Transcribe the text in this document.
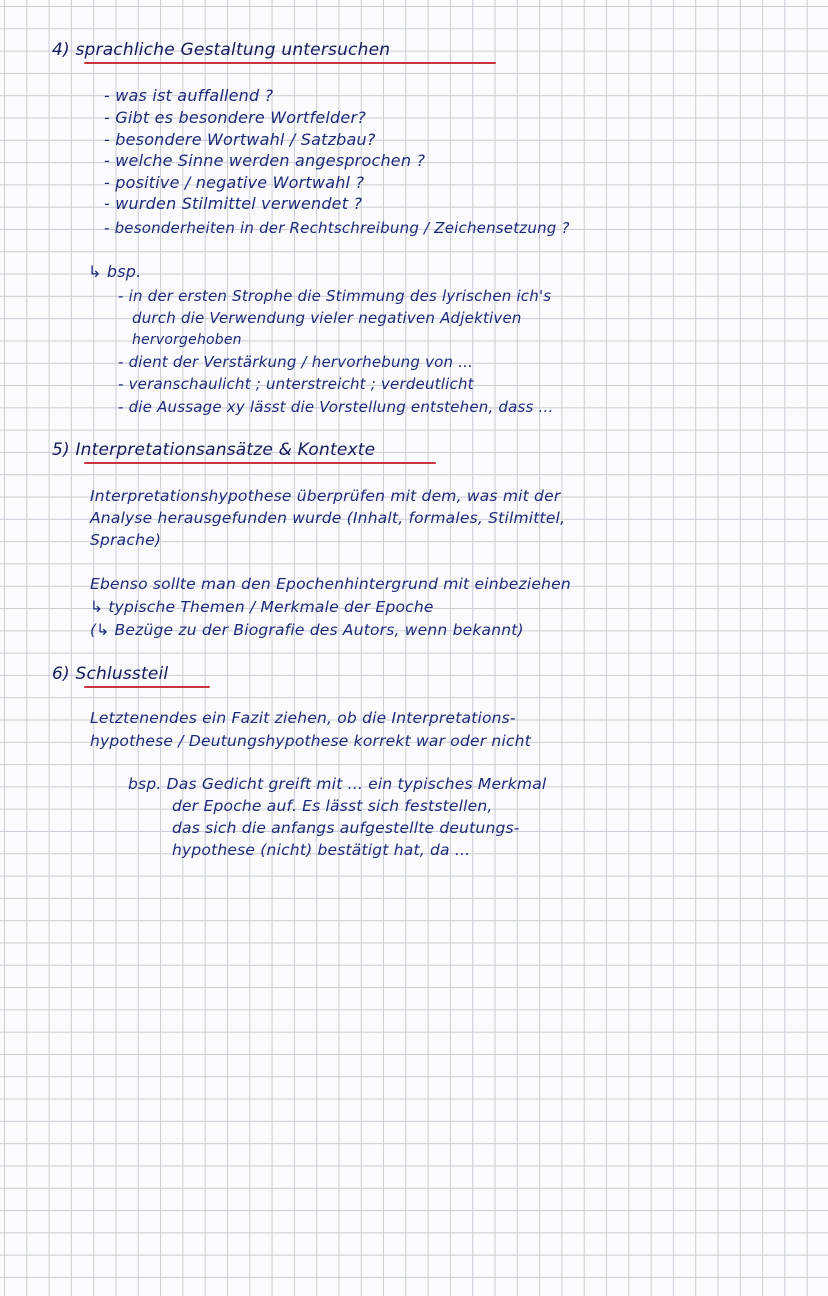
4) sprachliche Gestaltung untersuchen
- was ist auffallend ?
- Gibt es besondere Wortfelder?
- besondere Wortwahl / Satzbau?
- welche Sinne werden angesprochen ?
- positive / negative Wortwahl ?
- wurden Stilmittel verwendet ?
- besonderheiten in der Rechtschreibung / Zeichensetzung ?
↳ bsp.
- in der ersten Strophe die Stimmung des lyrischen ich's
durch die Verwendung vieler negativen Adjektiven
hervorgehoben
- dient der Verstärkung / hervorhebung von ...
- veranschaulicht ; unterstreicht ; verdeutlicht
- die Aussage xy lässt die Vorstellung entstehen, dass ...
5) Interpretationsansätze & Kontexte
Interpretationshypothese überprüfen mit dem, was mit der
Analyse herausgefunden wurde (Inhalt, formales, Stilmittel,
Sprache)
Ebenso sollte man den Epochenhintergrund mit einbeziehen
↳ typische Themen / Merkmale der Epoche
(↳ Bezüge zu der Biografie des Autors, wenn bekannt)
6) Schlussteil
Letztenendes ein Fazit ziehen, ob die Interpretations-
hypothese / Deutungshypothese korrekt war oder nicht
bsp. Das Gedicht greift mit ... ein typisches Merkmal
der Epoche auf. Es lässt sich feststellen,
das sich die anfangs aufgestellte deutungs-
hypothese (nicht) bestätigt hat, da ...
